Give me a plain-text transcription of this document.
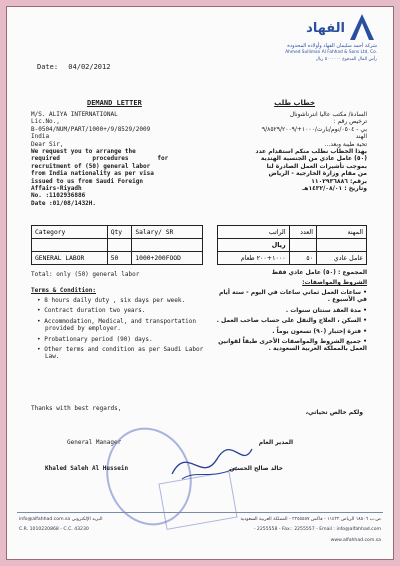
الفهاد
شركة أحمد سليمان الفهاد وأولاده المحدودة
Ahmed Sulliman Al Fahhad & Sons Ltd, Co.
رأس المال المدفوع ٥٠٠٠٠٠٠ ريال
Date: 04/02/2012
DEMAND LETTER	خطاب طلب
M/S. ALIYA INTERNATIONAL
Lic.No.,
B-0504/NUM/PART/1000+/9/8529/2009
India
Dear Sir,
We request you to arrange the
required         procedures        for
recruitment of (50) general labor
from India nationality as per visa
issued to us from Saudi Foreign
Affairs-Riyadh
No. :1102936886
Date :01/08/1432H.
السادة/ مكتب عاليا انترناشونال
ترخيص رقم :
بي - ٠٥٠٤/نوم/بارت/١٠٠٠+/٩/٨٥٢٩/٢٠٠٩
الهند
تحية طيبة وبعد...
بهذا الخطاب نطلب منكم استقدام عدد
(٥٠) عامل عادي من الجنسية الهندية
بموجب تأشيرات العمل الصادرة لنا
من مقام وزارة الخارجية - الرياض
برقم: ١١٠٢٩٣٦٨٨٦
وتاريخ : ١٤٣٢/٠٨/٠١هـ
Category	Qty	Salary/ SR

GENERAL LABOR	50	1000+200FOOD
المهنة	العدد	الراتب
		ريال
عامل عادي	٥٠	١٠٠٠+٢٠٠ طعام
Total: only (50) general labor	المجموع : (٥٠) عامل عادي فقط
Terms & Condition:
الشروط والمواصفات:
• 8 hours daily duty , six days per week.
• Contract duration two years.
• Accommodation, Medical, and transportation provided by employer.
• Probationary period (90) days.
• Other terms and condition as per Saudi Labor Law.
• ساعات العمل ثماني ساعات في اليوم - ستة أيام في الأسبوع .
• مدة العقد سنتان سنوات .
• السكن ، العلاج والنقل على حساب صاحب العمل .
• فترة إختبار (٩٠) تسعون يوماً .
• جميع الشروط والمواصفات الأخرى طبقاً لقوانين العمل بالمملكة العربية السعودية .
Thanks with best regards,
ولكم خالص تحياتي،
General Manager	المدير العام
Khaled Saleh Al Hussein	خالد صالح الحسين
info@alfahhad.com.sa البريد الإلكتروني	ص.ب ١٨٥٠٦ الرياض ١١٤٢٢ - فاكس ٢٢٥٥٥٥٧ - المملكة العربية السعودية
C.R. 1010220868 - C.C. 43230	- 2255558 - Fax.: 2255557 - Email : info@alfahhad.com
www.alfahhad.com.sa
